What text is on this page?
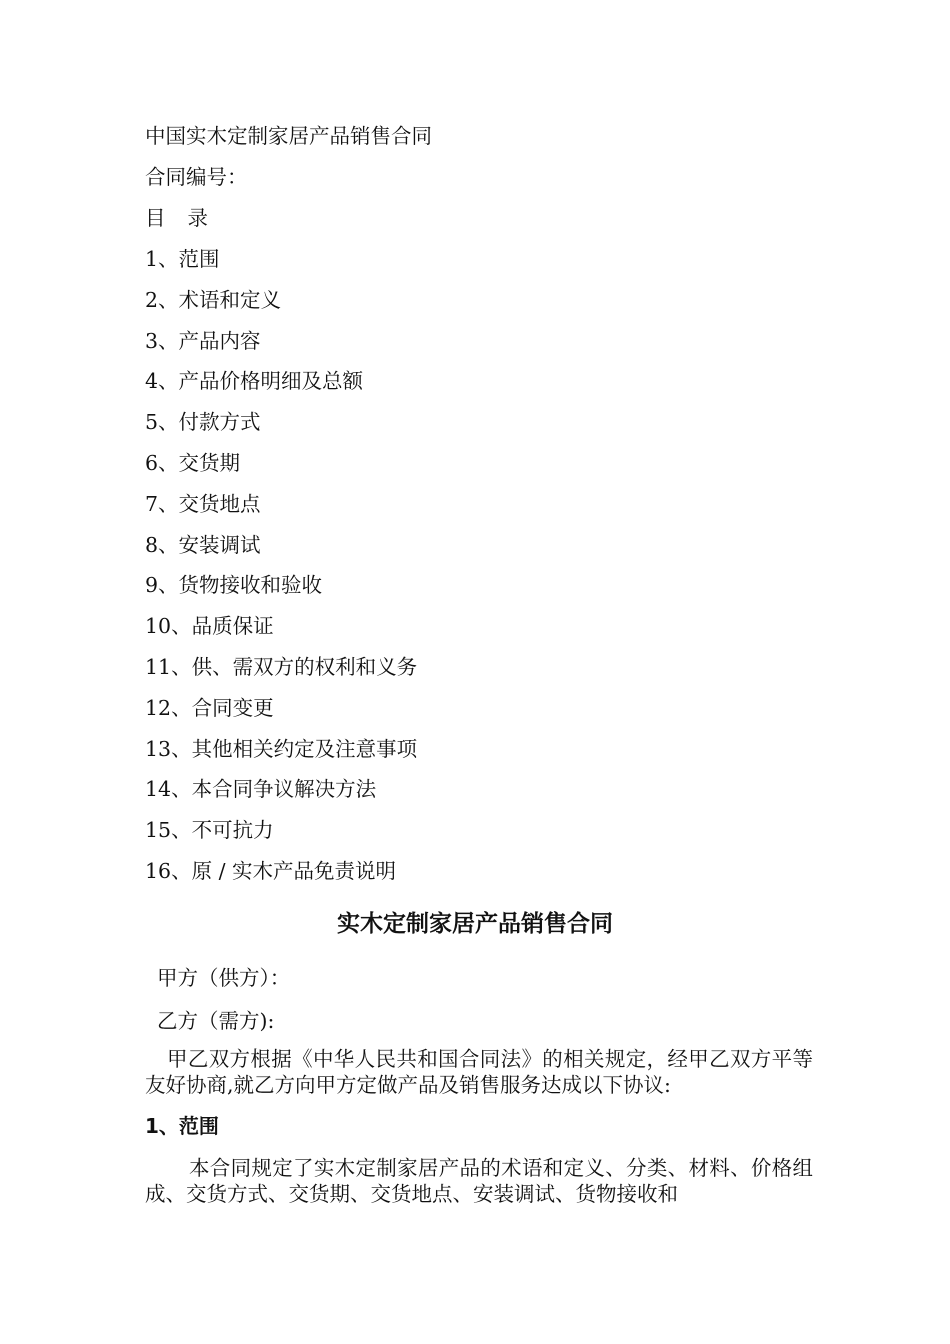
中国实木定制家居产品销售合同
合同编号：
目 录
1、范围
2、术语和定义
3、产品内容
4、产品价格明细及总额
5、付款方式
6、交货期
7、交货地点
8、安装调试
9、货物接收和验收
10、品质保证
11、供、需双方的权利和义务
12、合同变更
13、其他相关约定及注意事项
14、本合同争议解决方法
15、不可抗力
16、原 / 实木产品免责说明
实木定制家居产品销售合同
甲方（供方）：
乙方（需方):
甲乙双方根据《中华人民共和国合同法》的相关规定，经甲乙双方平等友好协商,就乙方向甲方定做产品及销售服务达成以下协议:
1、范围
本合同规定了实木定制家居产品的术语和定义、分类、材料、价格组成、交货方式、交货期、交货地点、安装调试、货物接收和
